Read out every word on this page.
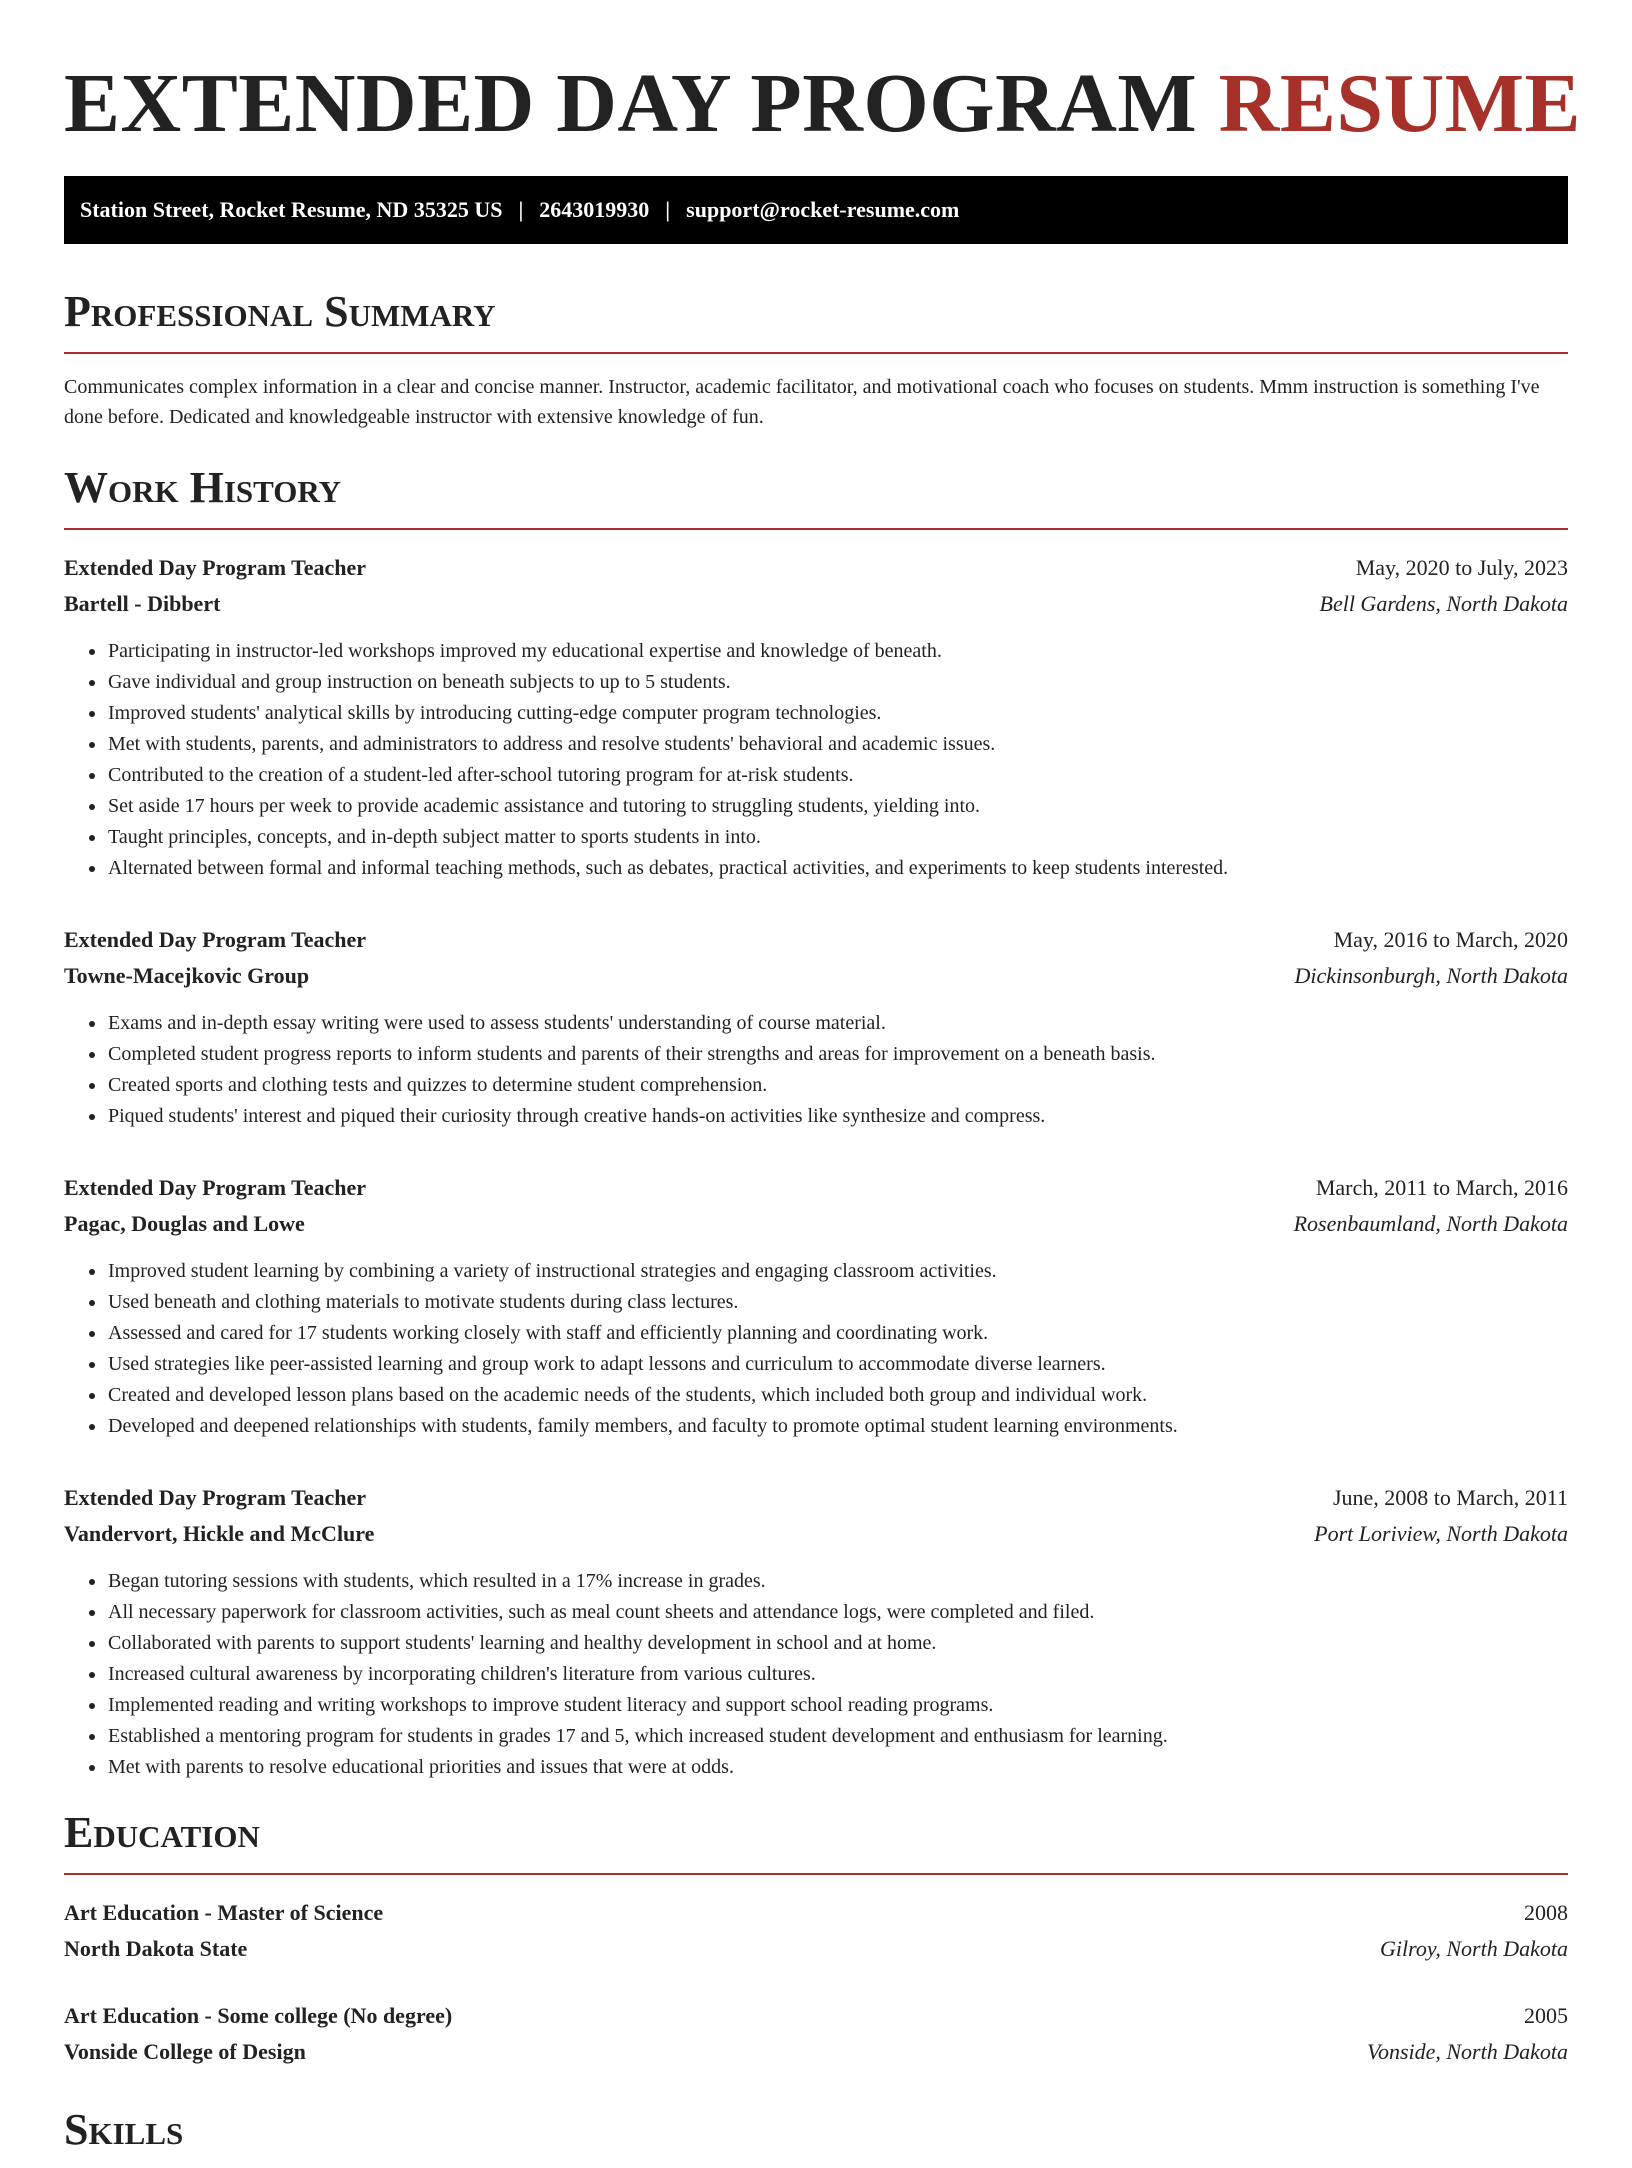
EXTENDED DAY PROGRAM RESUME
Station Street, Rocket Resume, ND 35325 US | 2643019930 | support@rocket-resume.com
Professional Summary

Communicates complex information in a clear and concise manner. Instructor, academic facilitator, and motivational coach who focuses on students. Mmm instruction is something I've done before. Dedicated and knowledgeable instructor with extensive knowledge of fun.

Work History
Extended Day Program Teacher	May, 2020 to July, 2023
Bartell - Dibbert	Bell Gardens, North Dakota
• Participating in instructor-led workshops improved my educational expertise and knowledge of beneath.
• Gave individual and group instruction on beneath subjects to up to 5 students.
• Improved students' analytical skills by introducing cutting-edge computer program technologies.
• Met with students, parents, and administrators to address and resolve students' behavioral and academic issues.
• Contributed to the creation of a student-led after-school tutoring program for at-risk students.
• Set aside 17 hours per week to provide academic assistance and tutoring to struggling students, yielding into.
• Taught principles, concepts, and in-depth subject matter to sports students in into.
• Alternated between formal and informal teaching methods, such as debates, practical activities, and experiments to keep students interested.
Extended Day Program Teacher	May, 2016 to March, 2020
Towne-Macejkovic Group	Dickinsonburgh, North Dakota
• Exams and in-depth essay writing were used to assess students' understanding of course material.
• Completed student progress reports to inform students and parents of their strengths and areas for improvement on a beneath basis.
• Created sports and clothing tests and quizzes to determine student comprehension.
• Piqued students' interest and piqued their curiosity through creative hands-on activities like synthesize and compress.
Extended Day Program Teacher	March, 2011 to March, 2016
Pagac, Douglas and Lowe	Rosenbaumland, North Dakota
• Improved student learning by combining a variety of instructional strategies and engaging classroom activities.
• Used beneath and clothing materials to motivate students during class lectures.
• Assessed and cared for 17 students working closely with staff and efficiently planning and coordinating work.
• Used strategies like peer-assisted learning and group work to adapt lessons and curriculum to accommodate diverse learners.
• Created and developed lesson plans based on the academic needs of the students, which included both group and individual work.
• Developed and deepened relationships with students, family members, and faculty to promote optimal student learning environments.
Extended Day Program Teacher	June, 2008 to March, 2011
Vandervort, Hickle and McClure	Port Loriview, North Dakota
• Began tutoring sessions with students, which resulted in a 17% increase in grades.
• All necessary paperwork for classroom activities, such as meal count sheets and attendance logs, were completed and filed.
• Collaborated with parents to support students' learning and healthy development in school and at home.
• Increased cultural awareness by incorporating children's literature from various cultures.
• Implemented reading and writing workshops to improve student literacy and support school reading programs.
• Established a mentoring program for students in grades 17 and 5, which increased student development and enthusiasm for learning.
• Met with parents to resolve educational priorities and issues that were at odds.
Education
Art Education - Master of Science	2008
North Dakota State	Gilroy, North Dakota
Art Education - Some college (No degree)	2005
Vonside College of Design	Vonside, North Dakota
Skills
